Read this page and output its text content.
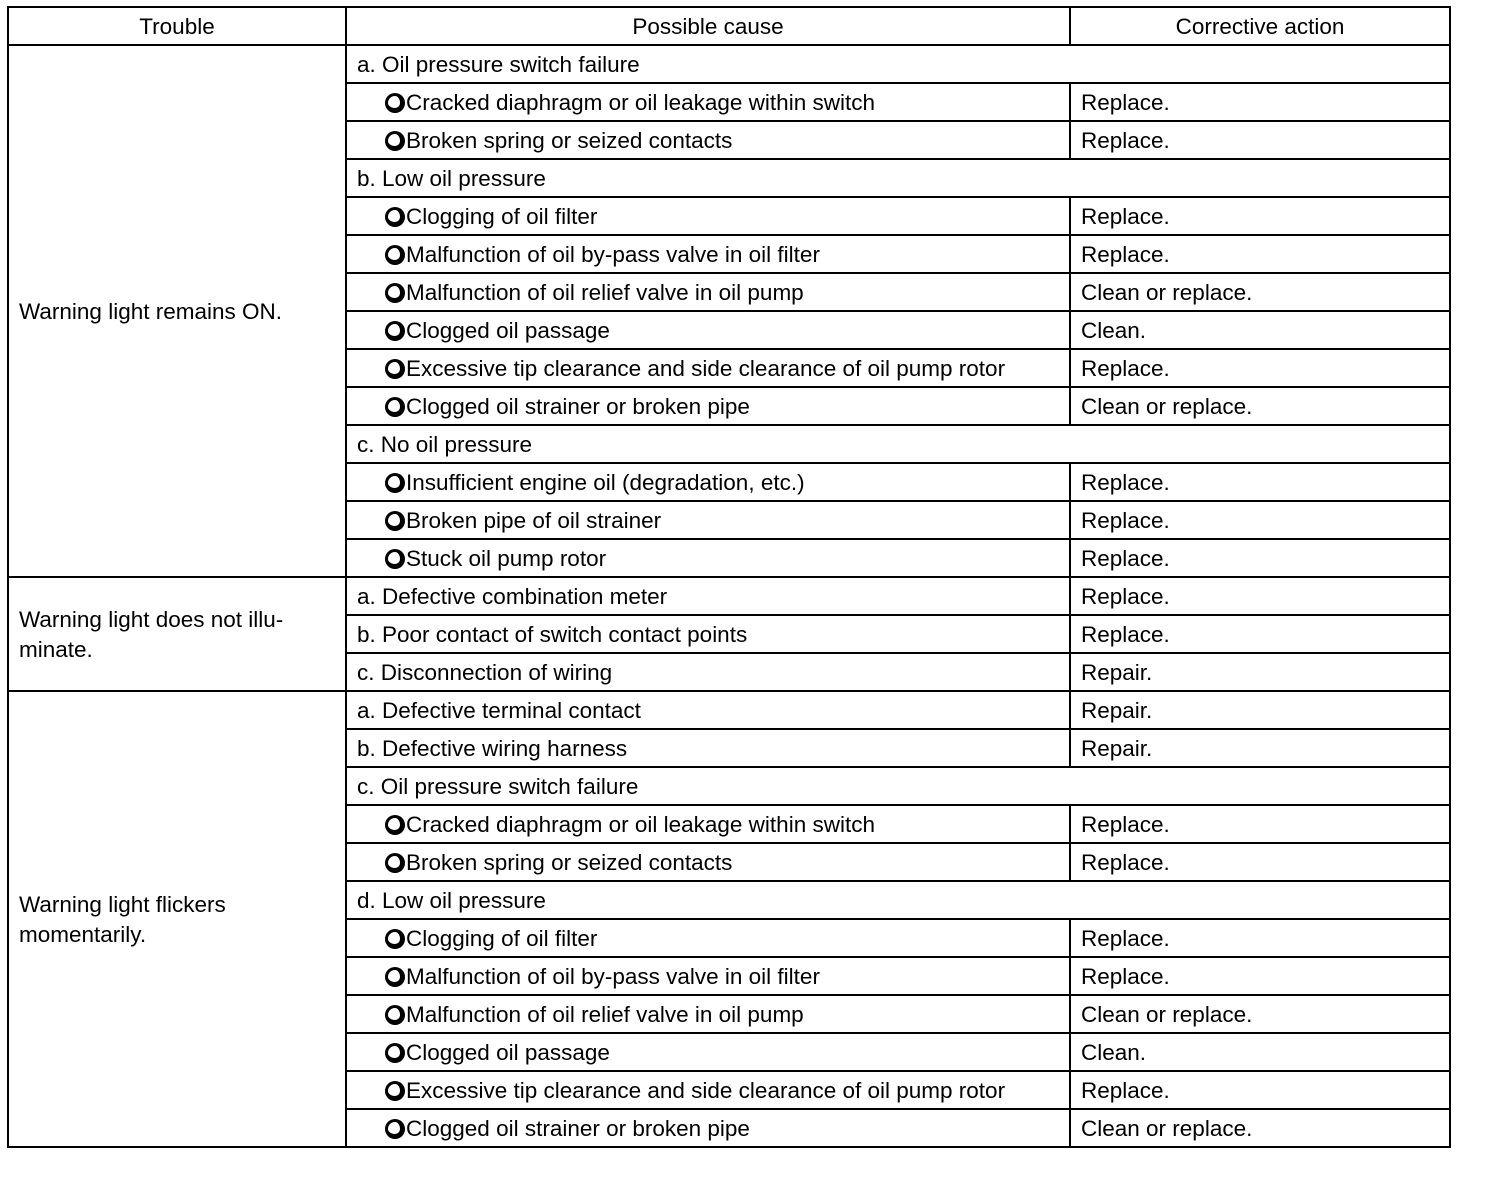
Trouble	Possible cause	Corrective action
Warning light remains ON.	a. Oil pressure switch failure	
	Cracked diaphragm or oil leakage within switch	Replace.
	Broken spring or seized contacts	Replace.
	b. Low oil pressure	
	Clogging of oil filter	Replace.
	Malfunction of oil by-pass valve in oil filter	Replace.
	Malfunction of oil relief valve in oil pump	Clean or replace.
	Clogged oil passage	Clean.
	Excessive tip clearance and side clearance of oil pump rotor	Replace.
	Clogged oil strainer or broken pipe	Clean or replace.
	c. No oil pressure	
	Insufficient engine oil (degradation, etc.)	Replace.
	Broken pipe of oil strainer	Replace.
	Stuck oil pump rotor	Replace.
Warning light does not illu-minate.	a. Defective combination meter	Replace.
	b. Poor contact of switch contact points	Replace.
	c. Disconnection of wiring	Repair.
Warning light flickers momentarily.	a. Defective terminal contact	Repair.
	b. Defective wiring harness	Repair.
	c. Oil pressure switch failure	
	Cracked diaphragm or oil leakage within switch	Replace.
	Broken spring or seized contacts	Replace.
	d. Low oil pressure	
	Clogging of oil filter	Replace.
	Malfunction of oil by-pass valve in oil filter	Replace.
	Malfunction of oil relief valve in oil pump	Clean or replace.
	Clogged oil passage	Clean.
	Excessive tip clearance and side clearance of oil pump rotor	Replace.
	Clogged oil strainer or broken pipe	Clean or replace.
